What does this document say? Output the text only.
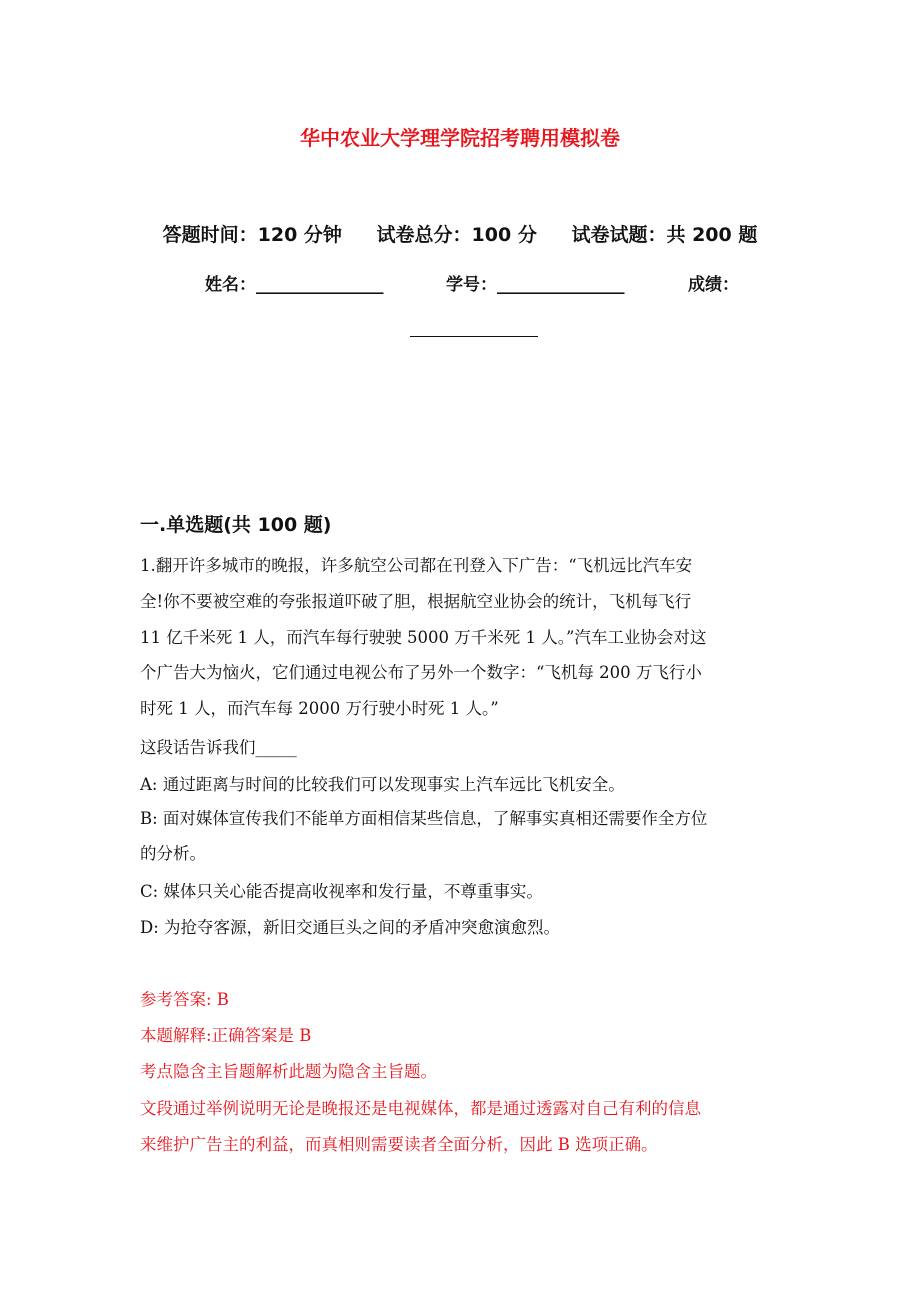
华中农业大学理学院招考聘用模拟卷
答题时间：120 分钟 试卷总分：100 分 试卷试题：共 200 题
姓名：_______________	学号：_______________	成绩：
一.单选题(共 100 题)
1.翻开许多城市的晚报，许多航空公司都在刊登入下广告：“飞机远比汽车安
全!你不要被空难的夸张报道吓破了胆，根据航空业协会的统计，飞机每飞行
11 亿千米死 1 人，而汽车每行驶驶 5000 万千米死 1 人。”汽车工业协会对这
个广告大为恼火，它们通过电视公布了另外一个数字：“飞机每 200 万飞行小
时死 1 人，而汽车每 2000 万行驶小时死 1 人。”
这段话告诉我们_____
A: 通过距离与时间的比较我们可以发现事实上汽车远比飞机安全。
B: 面对媒体宣传我们不能单方面相信某些信息，了解事实真相还需要作全方位
的分析。
C: 媒体只关心能否提高收视率和发行量，不尊重事实。
D: 为抢夺客源，新旧交通巨头之间的矛盾冲突愈演愈烈。
参考答案: B
本题解释:正确答案是 B
考点隐含主旨题解析此题为隐含主旨题。
文段通过举例说明无论是晚报还是电视媒体，都是通过透露对自己有利的信息
来维护广告主的利益，而真相则需要读者全面分析，因此 B 选项正确。
